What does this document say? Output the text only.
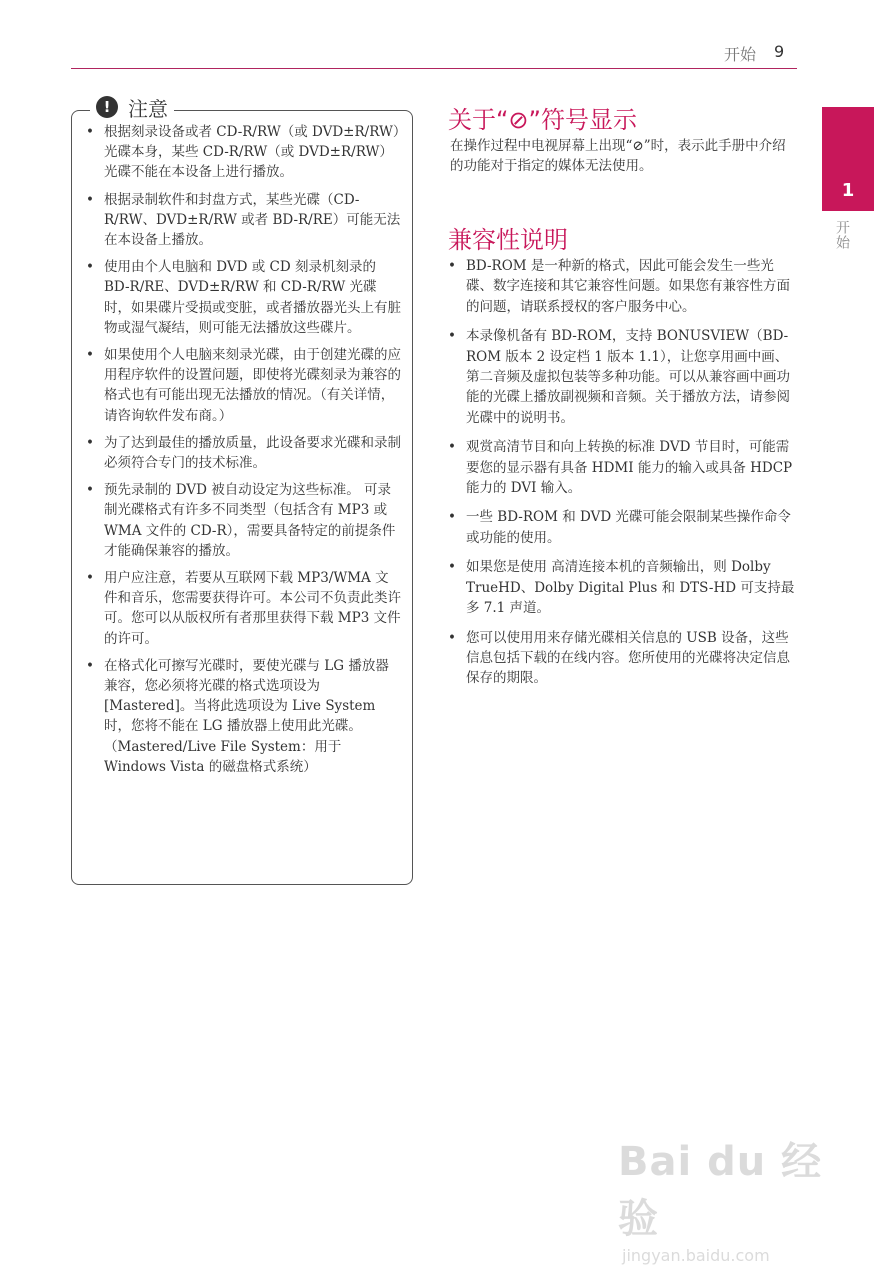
开始 9
1
开始
! 注意
• 根据刻录设备或者 CD-R/RW（或 DVD±R/RW）光碟本身，某些 CD-R/RW（或 DVD±R/RW）光碟不能在本设备上进行播放。
• 根据录制软件和封盘方式，某些光碟（CD-R/RW、DVD±R/RW 或者 BD-R/RE）可能无法在本设备上播放。
• 使用由个人电脑和 DVD 或 CD 刻录机刻录的 BD-R/RE、DVD±R/RW 和 CD-R/RW 光碟时，如果碟片受损或变脏，或者播放器光头上有脏物或湿气凝结，则可能无法播放这些碟片。
• 如果使用个人电脑来刻录光碟，由于创建光碟的应用程序软件的设置问题，即使将光碟刻录为兼容的格式也有可能出现无法播放的情况。（有关详情，请咨询软件发布商。）
• 为了达到最佳的播放质量，此设备要求光碟和录制必须符合专门的技术标准。
• 预先录制的 DVD 被自动设定为这些标准。 可录制光碟格式有许多不同类型（包括含有 MP3 或 WMA 文件的 CD-R），需要具备特定的前提条件才能确保兼容的播放。
• 用户应注意，若要从互联网下载 MP3/WMA 文件和音乐，您需要获得许可。本公司不负责此类许可。您可以从版权所有者那里获得下载 MP3 文件的许可。
• 在格式化可擦写光碟时，要使光碟与 LG 播放器兼容，您必须将光碟的格式选项设为 [Mastered]。当将此选项设为 Live System 时，您将不能在 LG 播放器上使用此光碟。（Mastered/Live File System：用于 Windows Vista 的磁盘格式系统）
关于“⊘”符号显示

在操作过程中电视屏幕上出现“⊘”时，表示此手册中介绍的功能对于指定的媒体无法使用。

兼容性说明
• BD-ROM 是一种新的格式，因此可能会发生一些光碟、数字连接和其它兼容性问题。如果您有兼容性方面的问题，请联系授权的客户服务中心。
• 本录像机备有 BD-ROM，支持 BONUSVIEW（BD-ROM 版本 2 设定档 1 版本 1.1），让您享用画中画、第二音频及虚拟包装等多种功能。可以从兼容画中画功能的光碟上播放副视频和音频。关于播放方法，请参阅光碟中的说明书。
• 观赏高清节目和向上转换的标准 DVD 节目时，可能需要您的显示器有具备 HDMI 能力的输入或具备 HDCP 能力的 DVI 输入。
• 一些 BD-ROM 和 DVD 光碟可能会限制某些操作命令或功能的使用。
• 如果您是使用 高清连接本机的音频输出，则 Dolby TrueHD、Dolby Digital Plus 和 DTS-HD 可支持最多 7.1 声道。
• 您可以使用用来存储光碟相关信息的 USB 设备，这些信息包括下载的在线内容。您所使用的光碟将决定信息保存的期限。
Bai du 经验
jingyan.baidu.com
